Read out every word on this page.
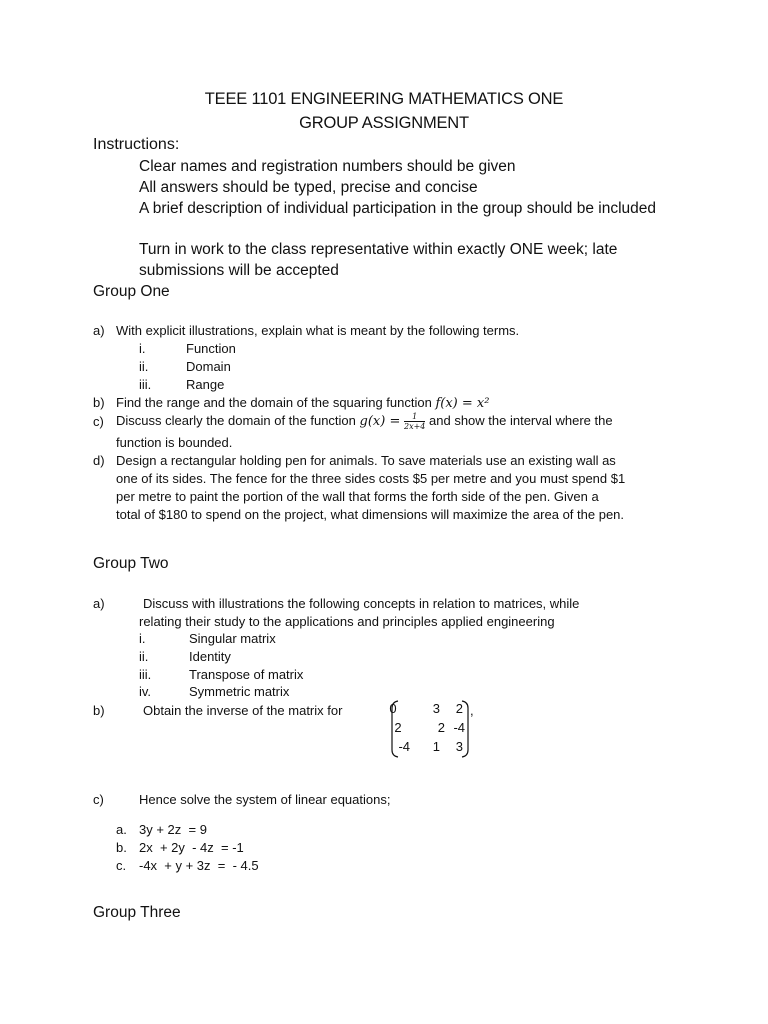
TEEE 1101 ENGINEERING MATHEMATICS ONE
GROUP ASSIGNMENT
Instructions:
Clear names and registration numbers should be given
All answers should be typed, precise and concise
A brief description of individual participation in the group should be included
Turn in work to the class representative within exactly ONE week; late submissions will be accepted
Group One
a) With explicit illustrations, explain what is meant by the following terms.
i.	Function
ii.	Domain
iii.	Range
b) Find the range and the domain of the squaring function f(x) = x²
c) Discuss clearly the domain of the function $g(x) = \frac{1}{2x+4}$ and show the interval where the
function is bounded.
d) Design a rectangular holding pen for animals. To save materials use an existing wall as
one of its sides. The fence for the three sides costs $5 per metre and you must spend $1
per metre to paint the portion of the wall that forms the forth side of the pen. Given a
total of $180 to spend on the project, what dimensions will maximize the area of the pen.
Group Two
a)	Discuss with illustrations the following concepts in relation to matrices, while
relating their study to the applications and principles applied engineering
i.	Singular matrix
ii.	Identity
iii.	Transpose of matrix
iv.	Symmetric matrix
b)	Obtain the inverse of the matrix for	0	3	2
2	2 -4
-4	1	3
,
c)	Hence solve the system of linear equations;
a. 3y + 2z  = 9
b. 2x  + 2y  - 4z  = -1
c. -4x  + y + 3z  =  - 4.5
Group Three
